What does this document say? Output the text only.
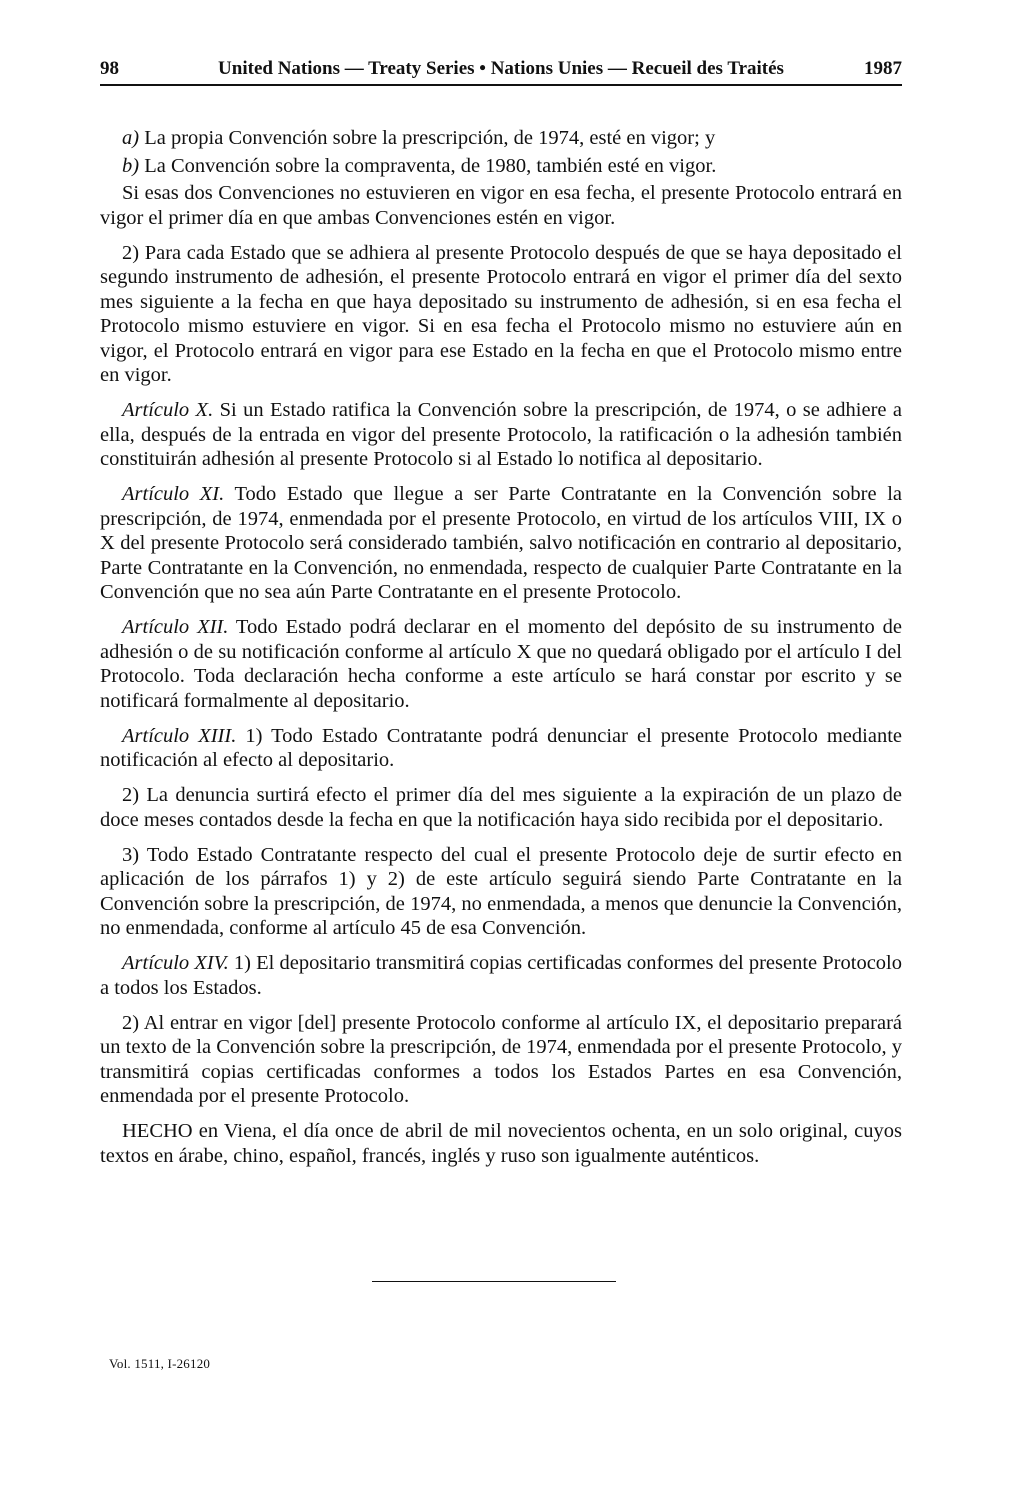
98	United Nations — Treaty Series • Nations Unies — Recueil des Traités	1987

a) La propia Convención sobre la prescripción, de 1974, esté en vigor; y

b) La Convención sobre la compraventa, de 1980, también esté en vigor.

Si esas dos Convenciones no estuvieren en vigor en esa fecha, el presente Protocolo entrará en vigor el primer día en que ambas Convenciones estén en vigor.

2) Para cada Estado que se adhiera al presente Protocolo después de que se haya depositado el segundo instrumento de adhesión, el presente Protocolo entrará en vigor el primer día del sexto mes siguiente a la fecha en que haya depositado su instrumento de adhesión, si en esa fecha el Protocolo mismo estuviere en vigor. Si en esa fecha el Protocolo mismo no estuviere aún en vigor, el Protocolo entrará en vigor para ese Estado en la fecha en que el Protocolo mismo entre en vigor.

Artículo X. Si un Estado ratifica la Convención sobre la prescripción, de 1974, o se adhiere a ella, después de la entrada en vigor del presente Protocolo, la ratificación o la adhesión también constituirán adhesión al presente Protocolo si al Estado lo notifica al depositario.

Artículo XI. Todo Estado que llegue a ser Parte Contratante en la Convención sobre la prescripción, de 1974, enmendada por el presente Protocolo, en virtud de los artículos VIII, IX o X del presente Protocolo será considerado también, salvo notificación en contrario al depositario, Parte Contratante en la Convención, no enmendada, respecto de cualquier Parte Contratante en la Convención que no sea aún Parte Contratante en el presente Protocolo.

Artículo XII. Todo Estado podrá declarar en el momento del depósito de su instrumento de adhesión o de su notificación conforme al artículo X que no quedará obligado por el artículo I del Protocolo. Toda declaración hecha conforme a este artículo se hará constar por escrito y se notificará formalmente al depositario.

Artículo XIII. 1) Todo Estado Contratante podrá denunciar el presente Protocolo mediante notificación al efecto al depositario.

2) La denuncia surtirá efecto el primer día del mes siguiente a la expiración de un plazo de doce meses contados desde la fecha en que la notificación haya sido recibida por el depositario.

3) Todo Estado Contratante respecto del cual el presente Protocolo deje de surtir efecto en aplicación de los párrafos 1) y 2) de este artículo seguirá siendo Parte Contratante en la Convención sobre la prescripción, de 1974, no enmendada, a menos que denuncie la Convención, no enmendada, conforme al artículo 45 de esa Convención.

Artículo XIV. 1) El depositario transmitirá copias certificadas conformes del presente Protocolo a todos los Estados.

2) Al entrar en vigor [del] presente Protocolo conforme al artículo IX, el depositario preparará un texto de la Convención sobre la prescripción, de 1974, enmendada por el presente Protocolo, y transmitirá copias certificadas conformes a todos los Estados Partes en esa Convención, enmendada por el presente Protocolo.

HECHO en Viena, el día once de abril de mil novecientos ochenta, en un solo original, cuyos textos en árabe, chino, español, francés, inglés y ruso son igualmente auténticos.

Vol. 1511, I-26120
